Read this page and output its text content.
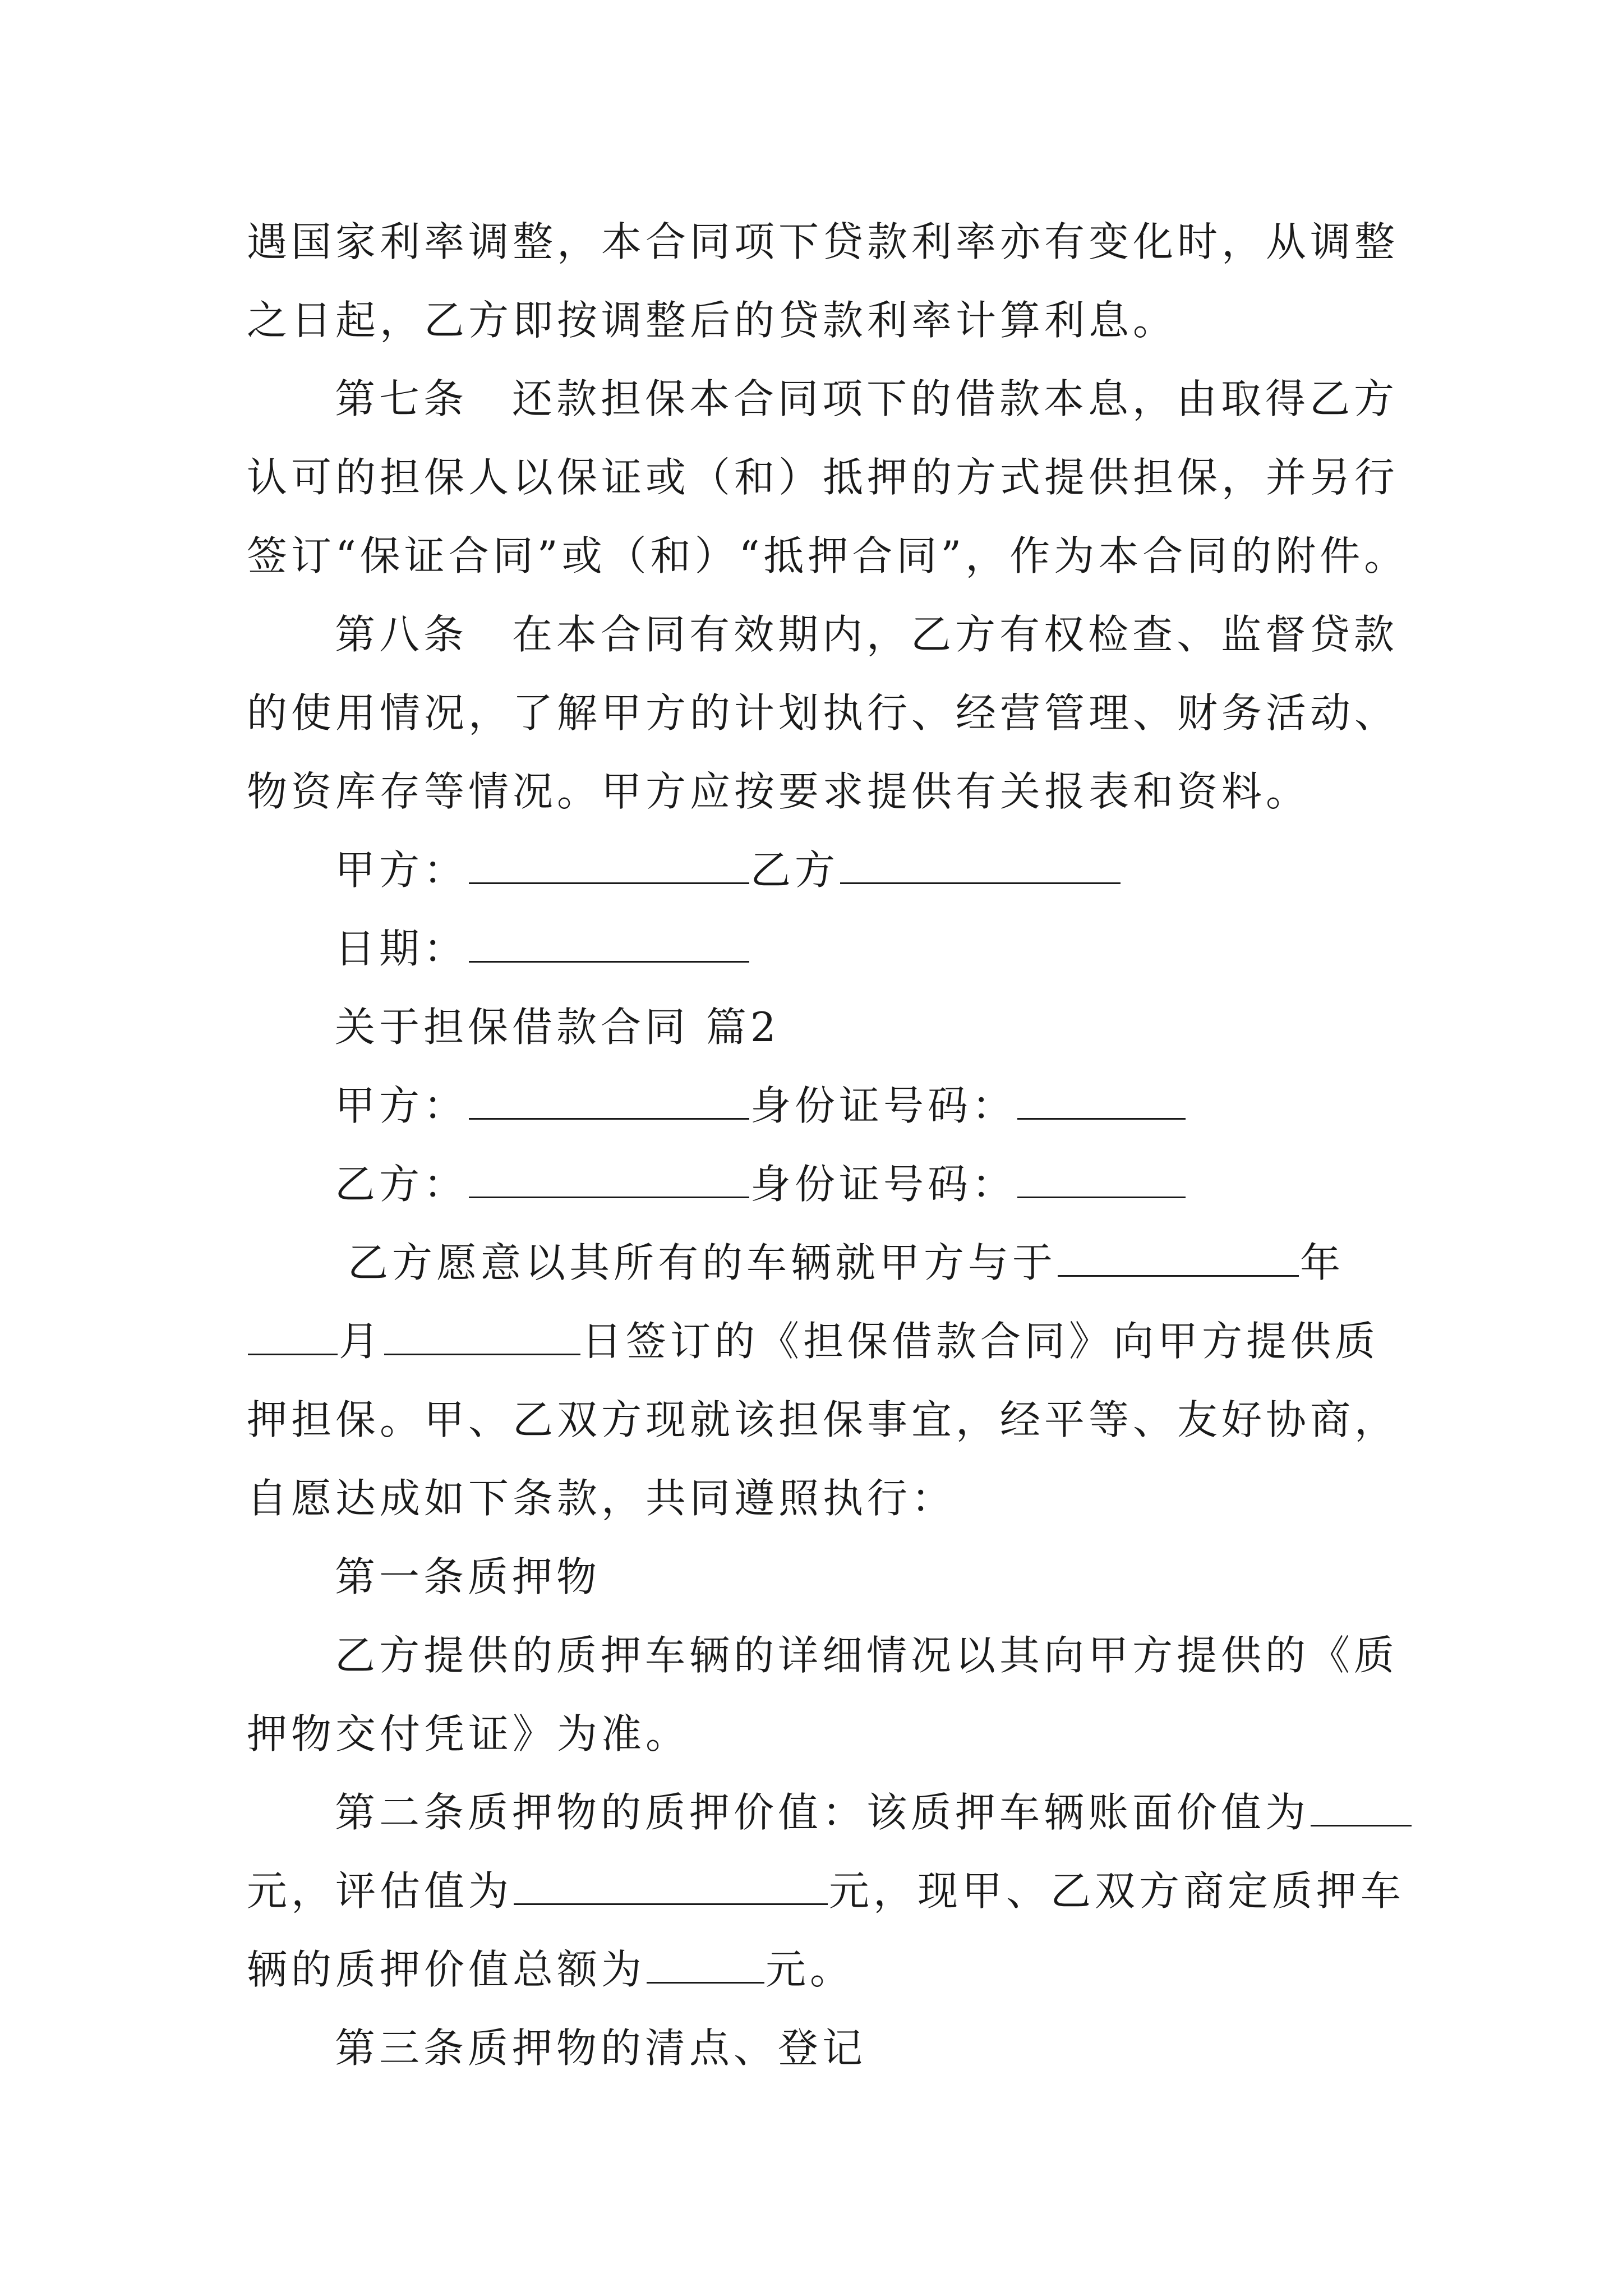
遇国家利率调整，本合同项下贷款利率亦有变化时，从调整
之日起，乙方即按调整后的贷款利率计算利息。
第七条　还款担保本合同项下的借款本息，由取得乙方
认可的担保人以保证或（和）抵押的方式提供担保，并另行
签订“保证合同”或（和）“抵押合同”，作为本合同的附件。
第八条　在本合同有效期内，乙方有权检查、监督贷款
的使用情况，了解甲方的计划执行、经营管理、财务活动、
物资库存等情况。甲方应按要求提供有关报表和资料。
甲方：	乙方
日期：
关于担保借款合同 篇2
甲方：	身份证号码：
乙方：	身份证号码：
乙方愿意以其所有的车辆就甲方与于	年
月	日签订的《担保借款合同》向甲方提供质
押担保。甲、乙双方现就该担保事宜，经平等、友好协商，
自愿达成如下条款，共同遵照执行：
第一条质押物
乙方提供的质押车辆的详细情况以其向甲方提供的《质
押物交付凭证》为准。
第二条质押物的质押价值：该质押车辆账面价值为
元，评估值为	元，现甲、乙双方商定质押车
辆的质押价值总额为	元。
第三条质押物的清点、登记
